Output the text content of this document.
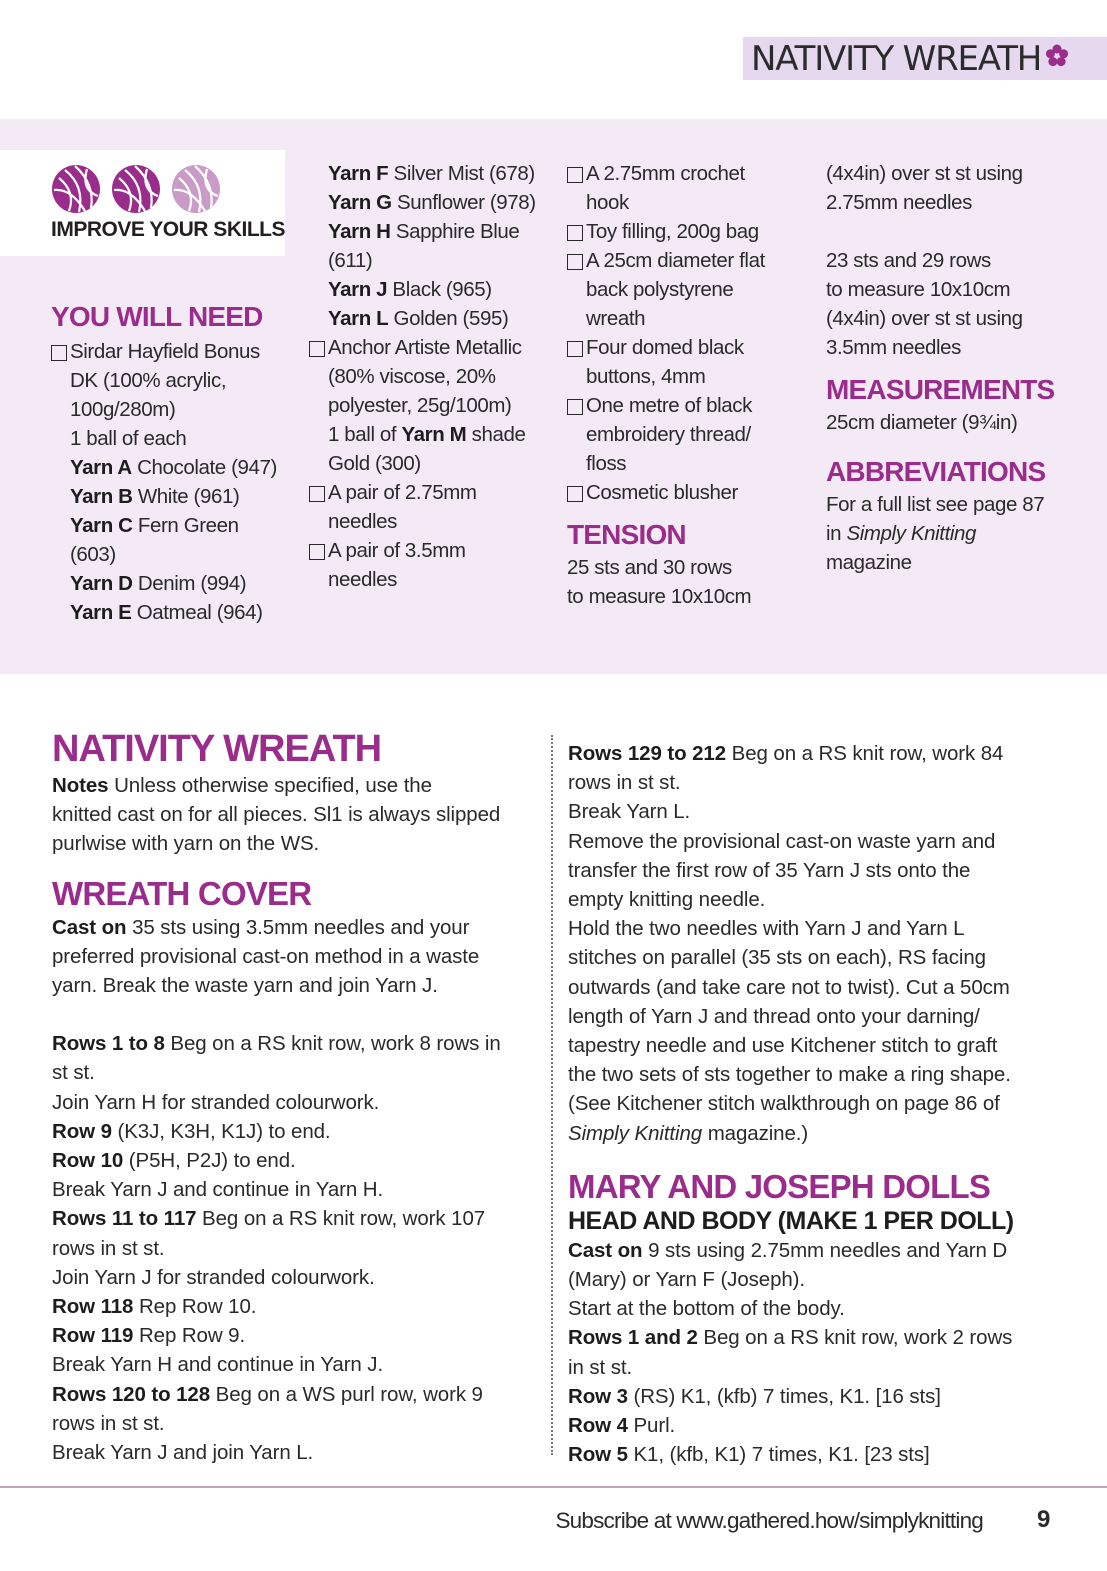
NATIVITY WREATH
IMPROVE YOUR SKILLS

YOU WILL NEED

Sirdar Hayfield Bonus

DK (100% acrylic,

100g/280m)

1 ball of each

Yarn A Chocolate (947)

Yarn B White (961)

Yarn C Fern Green

(603)

Yarn D Denim (994)

Yarn E Oatmeal (964)

Yarn F Silver Mist (678)

Yarn G Sunflower (978)

Yarn H Sapphire Blue

(611)

Yarn J Black (965)

Yarn L Golden (595)

Anchor Artiste Metallic

(80% viscose, 20%

polyester, 25g/100m)

1 ball of Yarn M shade

Gold (300)

A pair of 2.75mm

needles

A pair of 3.5mm

needles

A 2.75mm crochet

hook

Toy filling, 200g bag

A 25cm diameter flat

back polystyrene

wreath

Four domed black

buttons, 4mm

One metre of black

embroidery thread/

floss

Cosmetic blusher

TENSION

25 sts and 30 rows

to measure 10x10cm

(4x4in) over st st using

2.75mm needles

23 sts and 29 rows

to measure 10x10cm

(4x4in) over st st using

3.5mm needles

MEASUREMENTS

25cm diameter (9¾in)

ABBREVIATIONS

For a full list see page 87

in Simply Knitting

magazine

NATIVITY WREATH

Notes Unless otherwise specified, use the

knitted cast on for all pieces. Sl1 is always slipped

purlwise with yarn on the WS.

WREATH COVER

Cast on 35 sts using 3.5mm needles and your

preferred provisional cast-on method in a waste

yarn. Break the waste yarn and join Yarn J.

Rows 1 to 8 Beg on a RS knit row, work 8 rows in

st st.

Join Yarn H for stranded colourwork.

Row 9 (K3J, K3H, K1J) to end.

Row 10 (P5H, P2J) to end.

Break Yarn J and continue in Yarn H.

Rows 11 to 117 Beg on a RS knit row, work 107

rows in st st.

Join Yarn J for stranded colourwork.

Row 118 Rep Row 10.

Row 119 Rep Row 9.

Break Yarn H and continue in Yarn J.

Rows 120 to 128 Beg on a WS purl row, work 9

rows in st st.

Break Yarn J and join Yarn L.

Rows 129 to 212 Beg on a RS knit row, work 84

rows in st st.

Break Yarn L.

Remove the provisional cast-on waste yarn and

transfer the first row of 35 Yarn J sts onto the

empty knitting needle.

Hold the two needles with Yarn J and Yarn L

stitches on parallel (35 sts on each), RS facing

outwards (and take care not to twist). Cut a 50cm

length of Yarn J and thread onto your darning/

tapestry needle and use Kitchener stitch to graft

the two sets of sts together to make a ring shape.

(See Kitchener stitch walkthrough on page 86 of

Simply Knitting magazine.)

MARY AND JOSEPH DOLLS

HEAD AND BODY (MAKE 1 PER DOLL)

Cast on 9 sts using 2.75mm needles and Yarn D

(Mary) or Yarn F (Joseph).

Start at the bottom of the body.

Rows 1 and 2 Beg on a RS knit row, work 2 rows

in st st.

Row 3 (RS) K1, (kfb) 7 times, K1. [16 sts]

Row 4 Purl.

Row 5 K1, (kfb, K1) 7 times, K1. [23 sts]

Subscribe at www.gathered.how/simplyknitting 9
